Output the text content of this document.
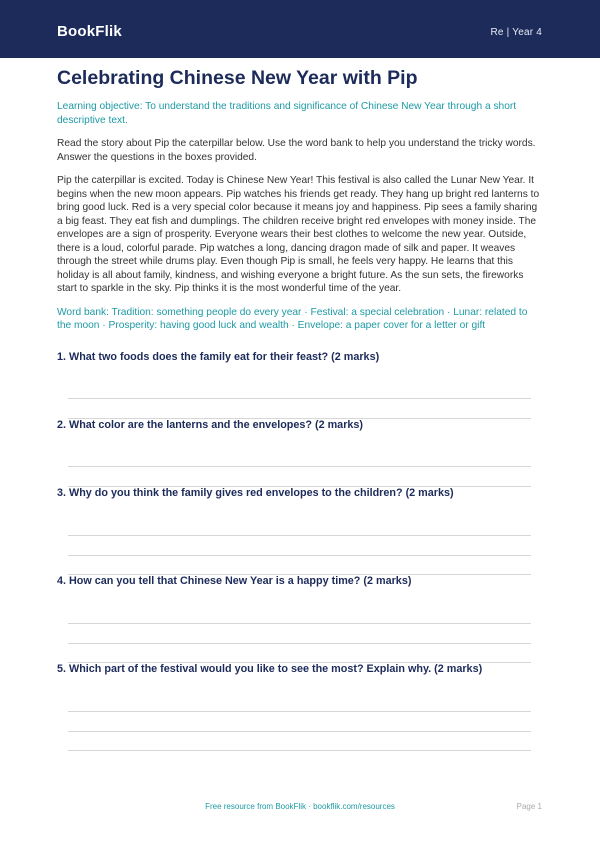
BookFlik	Re | Year 4
Celebrating Chinese New Year with Pip
Learning objective: To understand the traditions and significance of Chinese New Year through a short descriptive text.
Read the story about Pip the caterpillar below. Use the word bank to help you understand the tricky words. Answer the questions in the boxes provided.
Pip the caterpillar is excited. Today is Chinese New Year! This festival is also called the Lunar New Year. It begins when the new moon appears. Pip watches his friends get ready. They hang up bright red lanterns to bring good luck. Red is a very special color because it means joy and happiness. Pip sees a family sharing a big feast. They eat fish and dumplings. The children receive bright red envelopes with money inside. The envelopes are a sign of prosperity. Everyone wears their best clothes to welcome the new year. Outside, there is a loud, colorful parade. Pip watches a long, dancing dragon made of silk and paper. It weaves through the street while drums play. Even though Pip is small, he feels very happy. He learns that this holiday is all about family, kindness, and wishing everyone a bright future. As the sun sets, the fireworks start to sparkle in the sky. Pip thinks it is the most wonderful time of the year.
Word bank: Tradition: something people do every year · Festival: a special celebration · Lunar: related to the moon · Prosperity: having good luck and wealth · Envelope: a paper cover for a letter or gift
1. What two foods does the family eat for their feast? (2 marks)
2. What color are the lanterns and the envelopes? (2 marks)
3. Why do you think the family gives red envelopes to the children? (2 marks)
4. How can you tell that Chinese New Year is a happy time? (2 marks)
5. Which part of the festival would you like to see the most? Explain why. (2 marks)
Free resource from BookFlik · bookflik.com/resources	Page 1
